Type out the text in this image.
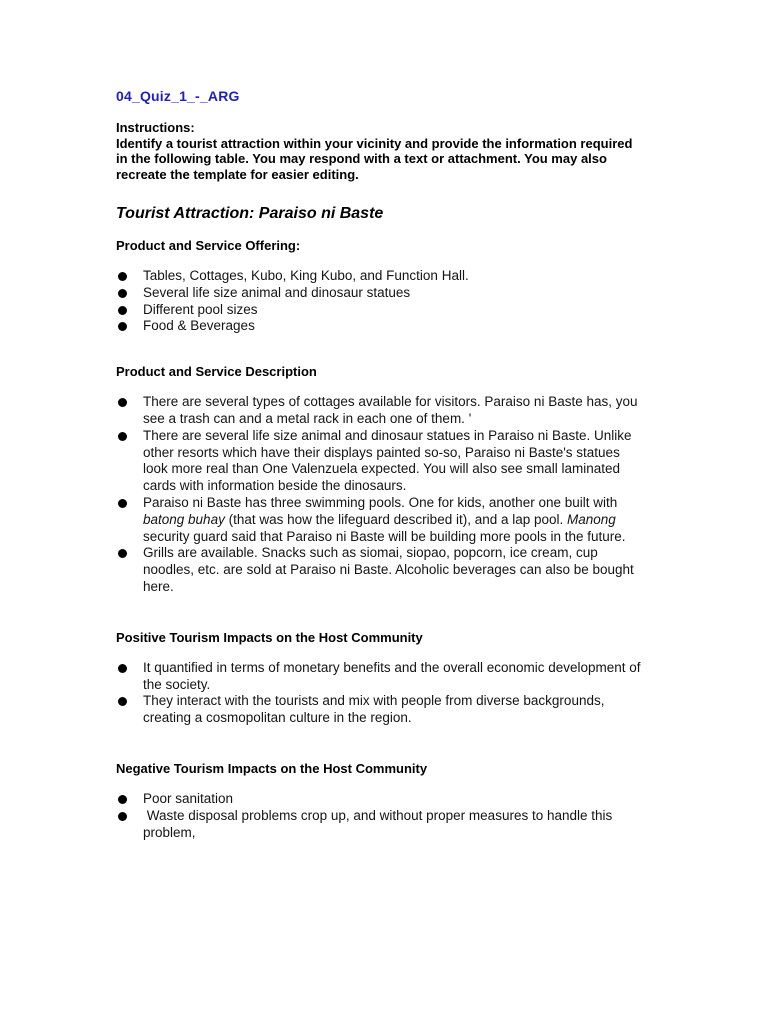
04_Quiz_1_-_ARG
Instructions:
Identify a tourist attraction within your vicinity and provide the information required in the following table. You may respond with a text or attachment. You may also recreate the template for easier editing.
Tourist Attraction: Paraiso ni Baste
Product and Service Offering:
Tables, Cottages, Kubo, King Kubo, and Function Hall.
Several life size animal and dinosaur statues
Different pool sizes
Food & Beverages
Product and Service Description
There are several types of cottages available for visitors. Paraiso ni Baste has, you see a trash can and a metal rack in each one of them. '
There are several life size animal and dinosaur statues in Paraiso ni Baste. Unlike other resorts which have their displays painted so-so, Paraiso ni Baste's statues look more real than One Valenzuela expected. You will also see small laminated cards with information beside the dinosaurs.
Paraiso ni Baste has three swimming pools. One for kids, another one built with batong buhay (that was how the lifeguard described it), and a lap pool. Manong security guard said that Paraiso ni Baste will be building more pools in the future.
Grills are available. Snacks such as siomai, siopao, popcorn, ice cream, cup noodles, etc. are sold at Paraiso ni Baste. Alcoholic beverages can also be bought here.
Positive Tourism Impacts on the Host Community
It quantified in terms of monetary benefits and the overall economic development of the society.
They interact with the tourists and mix with people from diverse backgrounds, creating a cosmopolitan culture in the region.
Negative Tourism Impacts on the Host Community
Poor sanitation
Waste disposal problems crop up, and without proper measures to handle this problem,
